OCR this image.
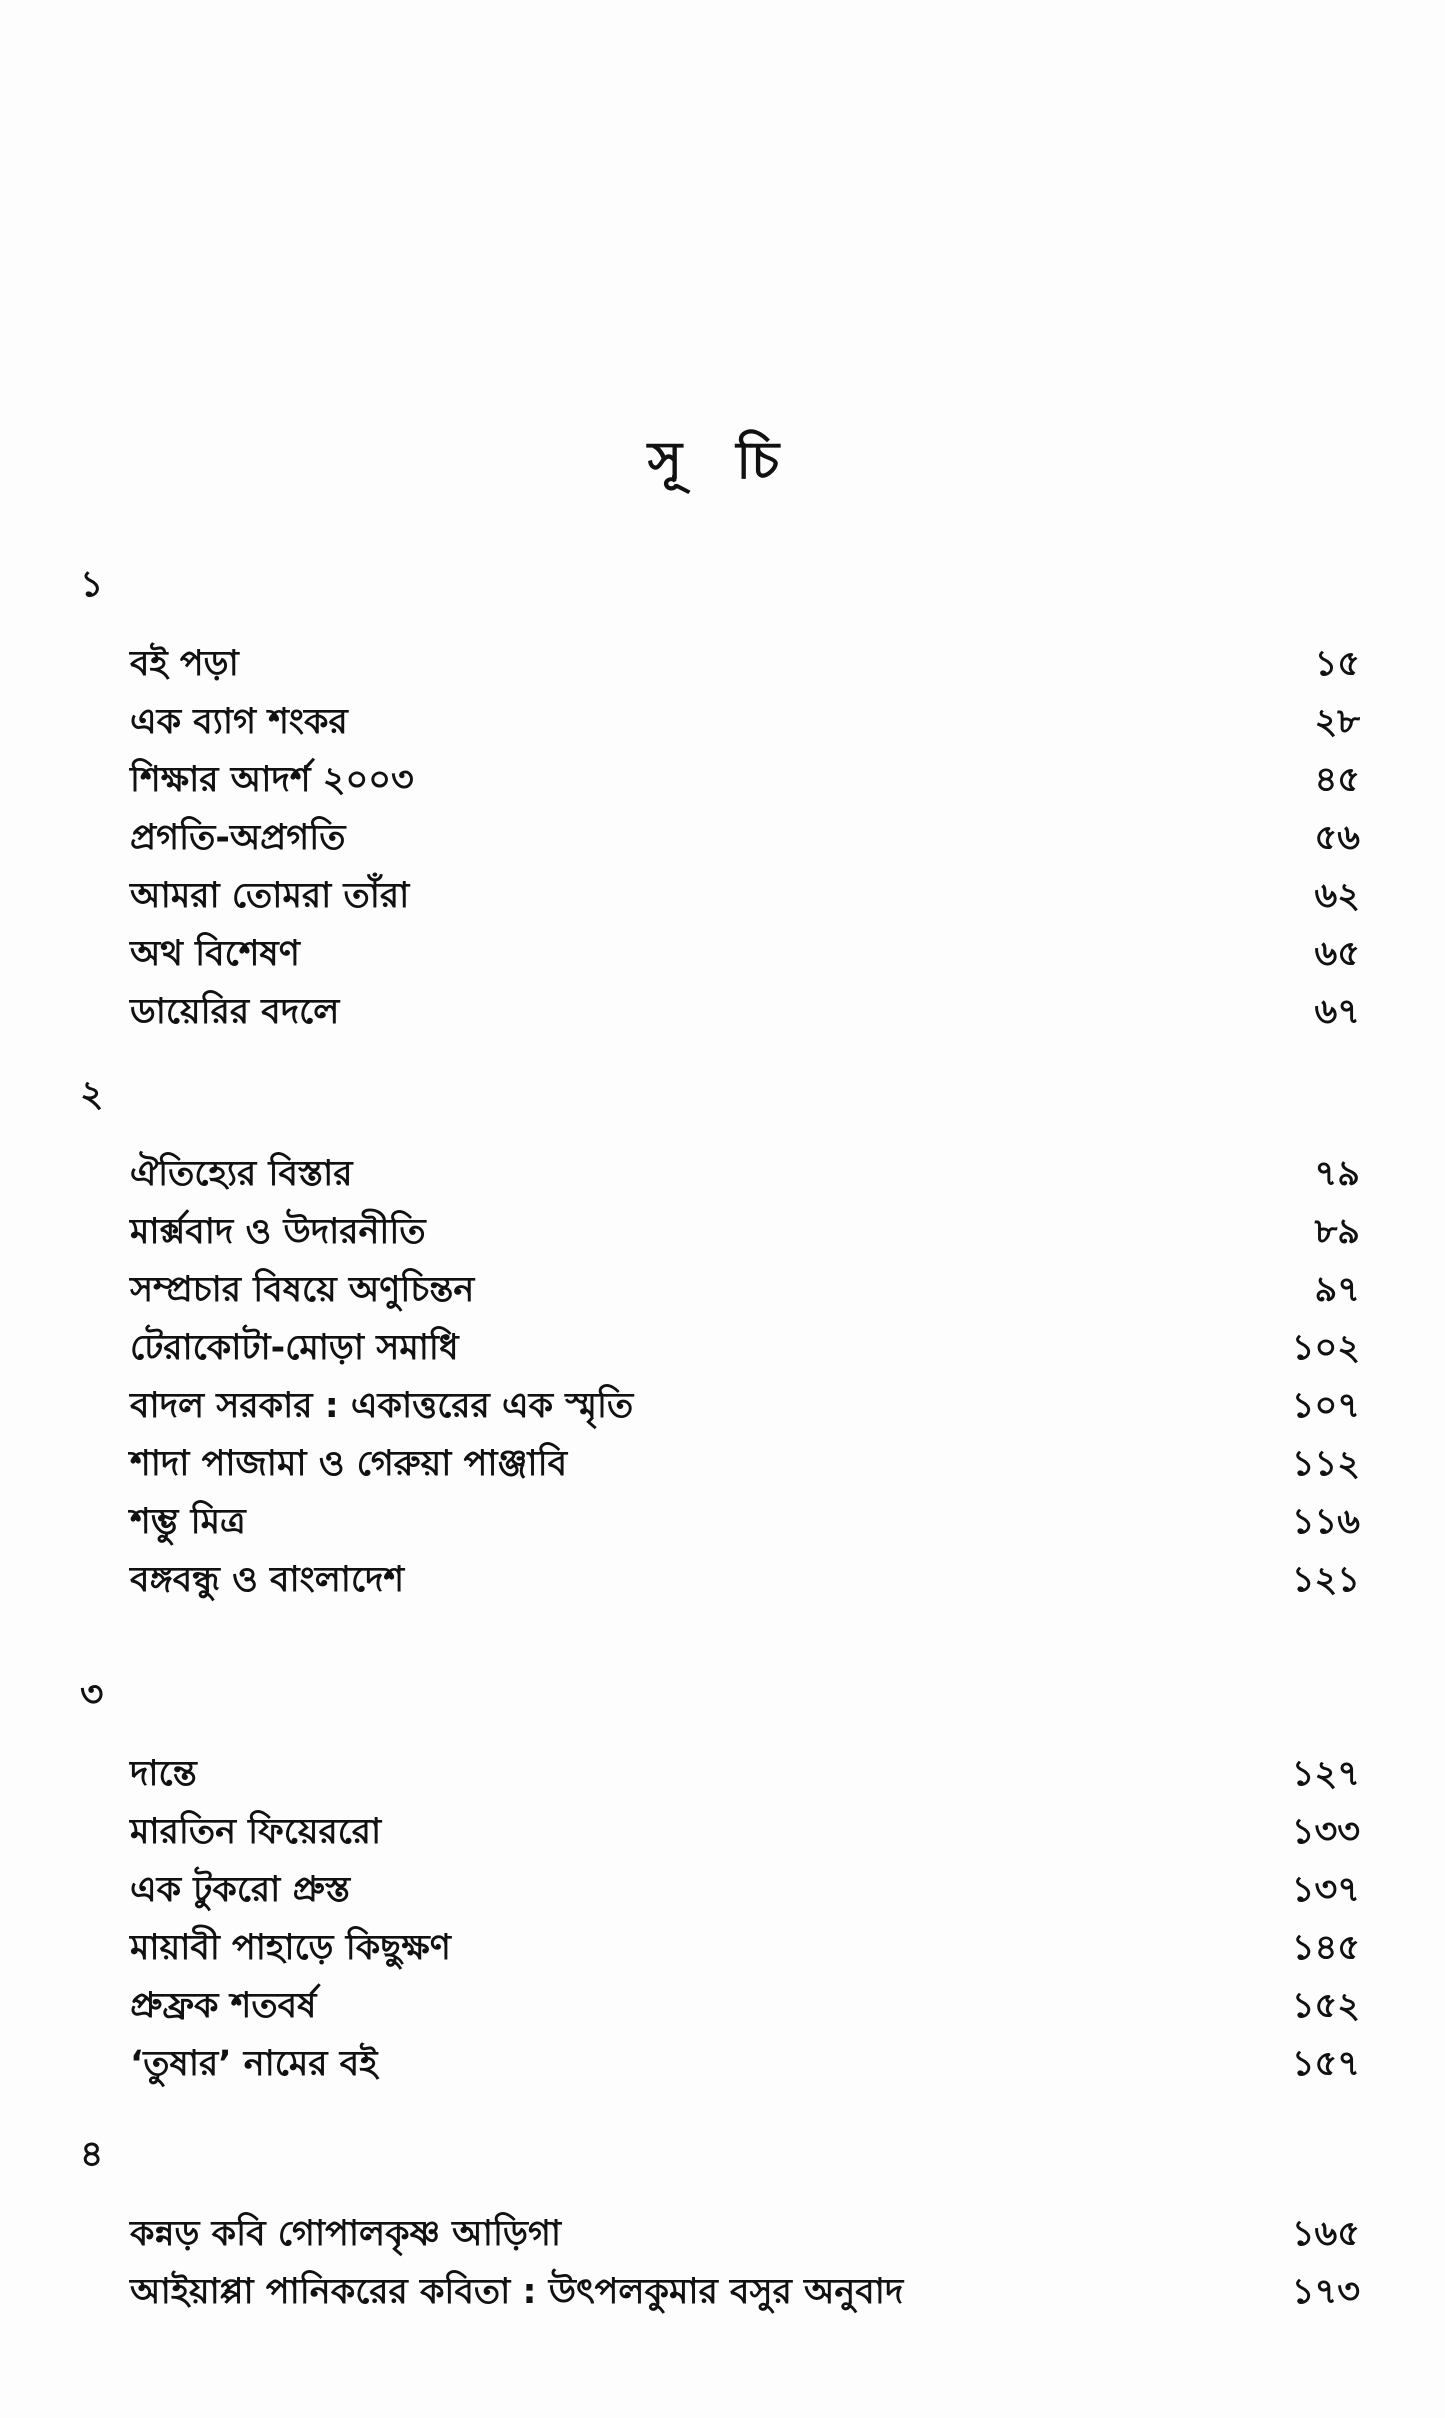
সূ চি
১
বই পড়া	১৫
এক ব্যাগ শংকর	২৮
শিক্ষার আদর্শ ২০০৩	৪৫
প্রগতি-অপ্রগতি	৫৬
আমরা তোমরা তাঁরা	৬২
অথ বিশেষণ	৬৫
ডায়েরির বদলে	৬৭
২
ঐতিহ্যের বিস্তার	৭৯
মার্ক্সবাদ ও উদারনীতি	৮৯
সম্প্রচার বিষয়ে অণুচিন্তন	৯৭
টেরাকোটা-মোড়া সমাধি	১০২
বাদল সরকার : একাত্তরের এক স্মৃতি	১০৭
শাদা পাজামা ও গেরুয়া পাঞ্জাবি	১১২
শম্ভু মিত্র	১১৬
বঙ্গবন্ধু ও বাংলাদেশ	১২১
৩
দান্তে	১২৭
মারতিন ফিয়েররো	১৩৩
এক টুকরো প্রুস্ত	১৩৭
মায়াবী পাহাড়ে কিছুক্ষণ	১৪৫
প্রুফ্রক শতবর্ষ	১৫২
‘তুষার’ নামের বই	১৫৭
৪
কন্নড় কবি গোপালকৃষ্ণ আড়িগা	১৬৫
আইয়াপ্পা পানিকরের কবিতা : উৎপলকুমার বসুর অনুবাদ	১৭৩
